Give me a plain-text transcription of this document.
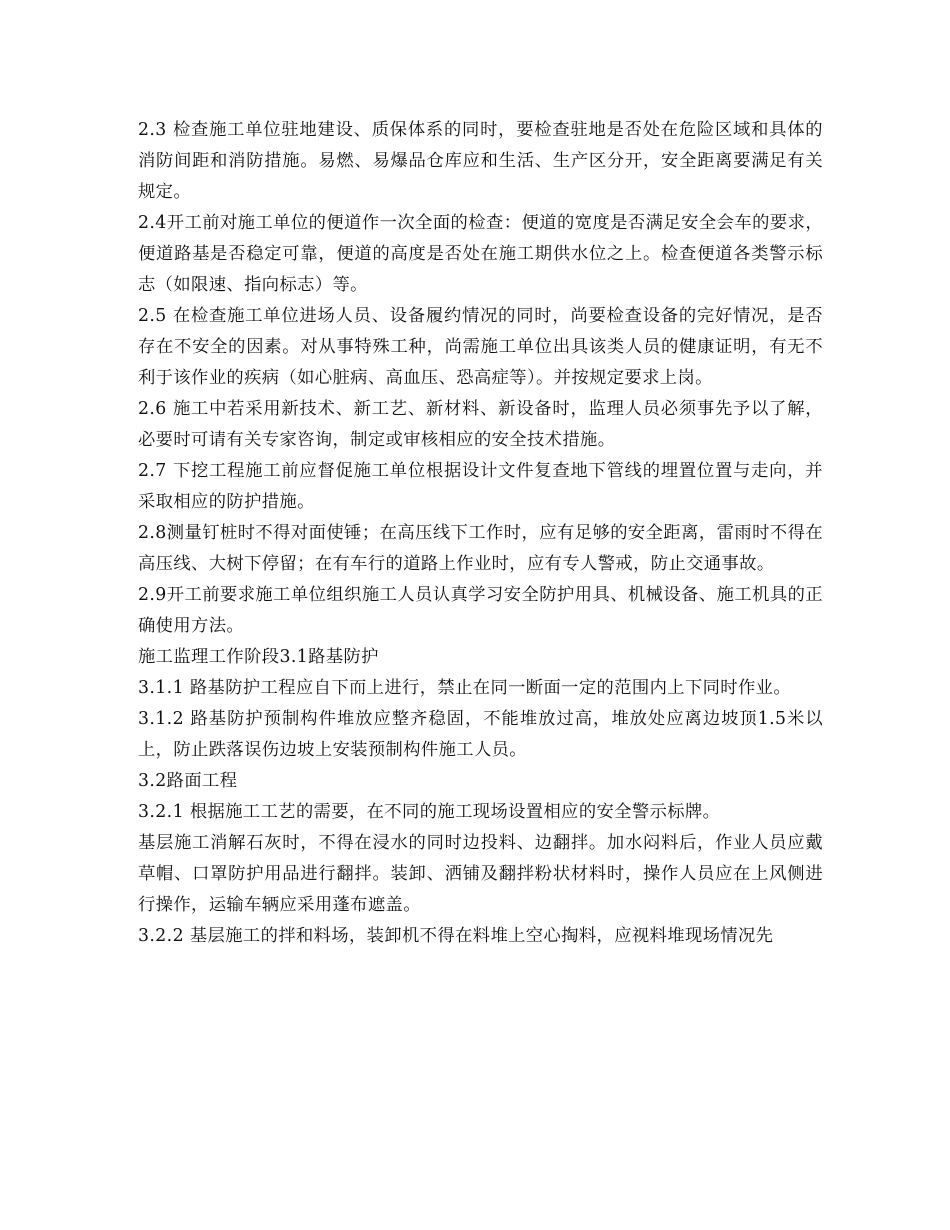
2.3 检查施工单位驻地建设、质保体系的同时，要检查驻地是否处在危险区域和具体的消防间距和消防措施。易燃、易爆品仓库应和生活、生产区分开，安全距离要满足有关规定。

2.4开工前对施工单位的便道作一次全面的检查：便道的宽度是否满足安全会车的要求，便道路基是否稳定可靠，便道的高度是否处在施工期供水位之上。检查便道各类警示标志（如限速、指向标志）等。

2.5 在检查施工单位进场人员、设备履约情况的同时，尚要检查设备的完好情况，是否存在不安全的因素。对从事特殊工种，尚需施工单位出具该类人员的健康证明，有无不利于该作业的疾病（如心脏病、高血压、恐高症等）。并按规定要求上岗。

2.6 施工中若采用新技术、新工艺、新材料、新设备时，监理人员必须事先予以了解，必要时可请有关专家咨询，制定或审核相应的安全技术措施。

2.7 下挖工程施工前应督促施工单位根据设计文件复查地下管线的埋置位置与走向，并采取相应的防护措施。

2.8测量钉桩时不得对面使锤；在高压线下工作时，应有足够的安全距离，雷雨时不得在高压线、大树下停留；在有车行的道路上作业时，应有专人警戒，防止交通事故。

2.9开工前要求施工单位组织施工人员认真学习安全防护用具、机械设备、施工机具的正确使用方法。

施工监理工作阶段3.1路基防护

3.1.1 路基防护工程应自下而上进行，禁止在同一断面一定的范围内上下同时作业。

3.1.2 路基防护预制构件堆放应整齐稳固，不能堆放过高，堆放处应离边坡顶1.5米以上，防止跌落误伤边坡上安装预制构件施工人员。

3.2路面工程

3.2.1 根据施工工艺的需要，在不同的施工现场设置相应的安全警示标牌。

基层施工消解石灰时，不得在浸水的同时边投料、边翻拌。加水闷料后，作业人员应戴草帽、口罩防护用品进行翻拌。装卸、洒铺及翻拌粉状材料时，操作人员应在上风侧进行操作，运输车辆应采用蓬布遮盖。

3.2.2 基层施工的拌和料场，装卸机不得在料堆上空心掏料，应视料堆现场情况先
